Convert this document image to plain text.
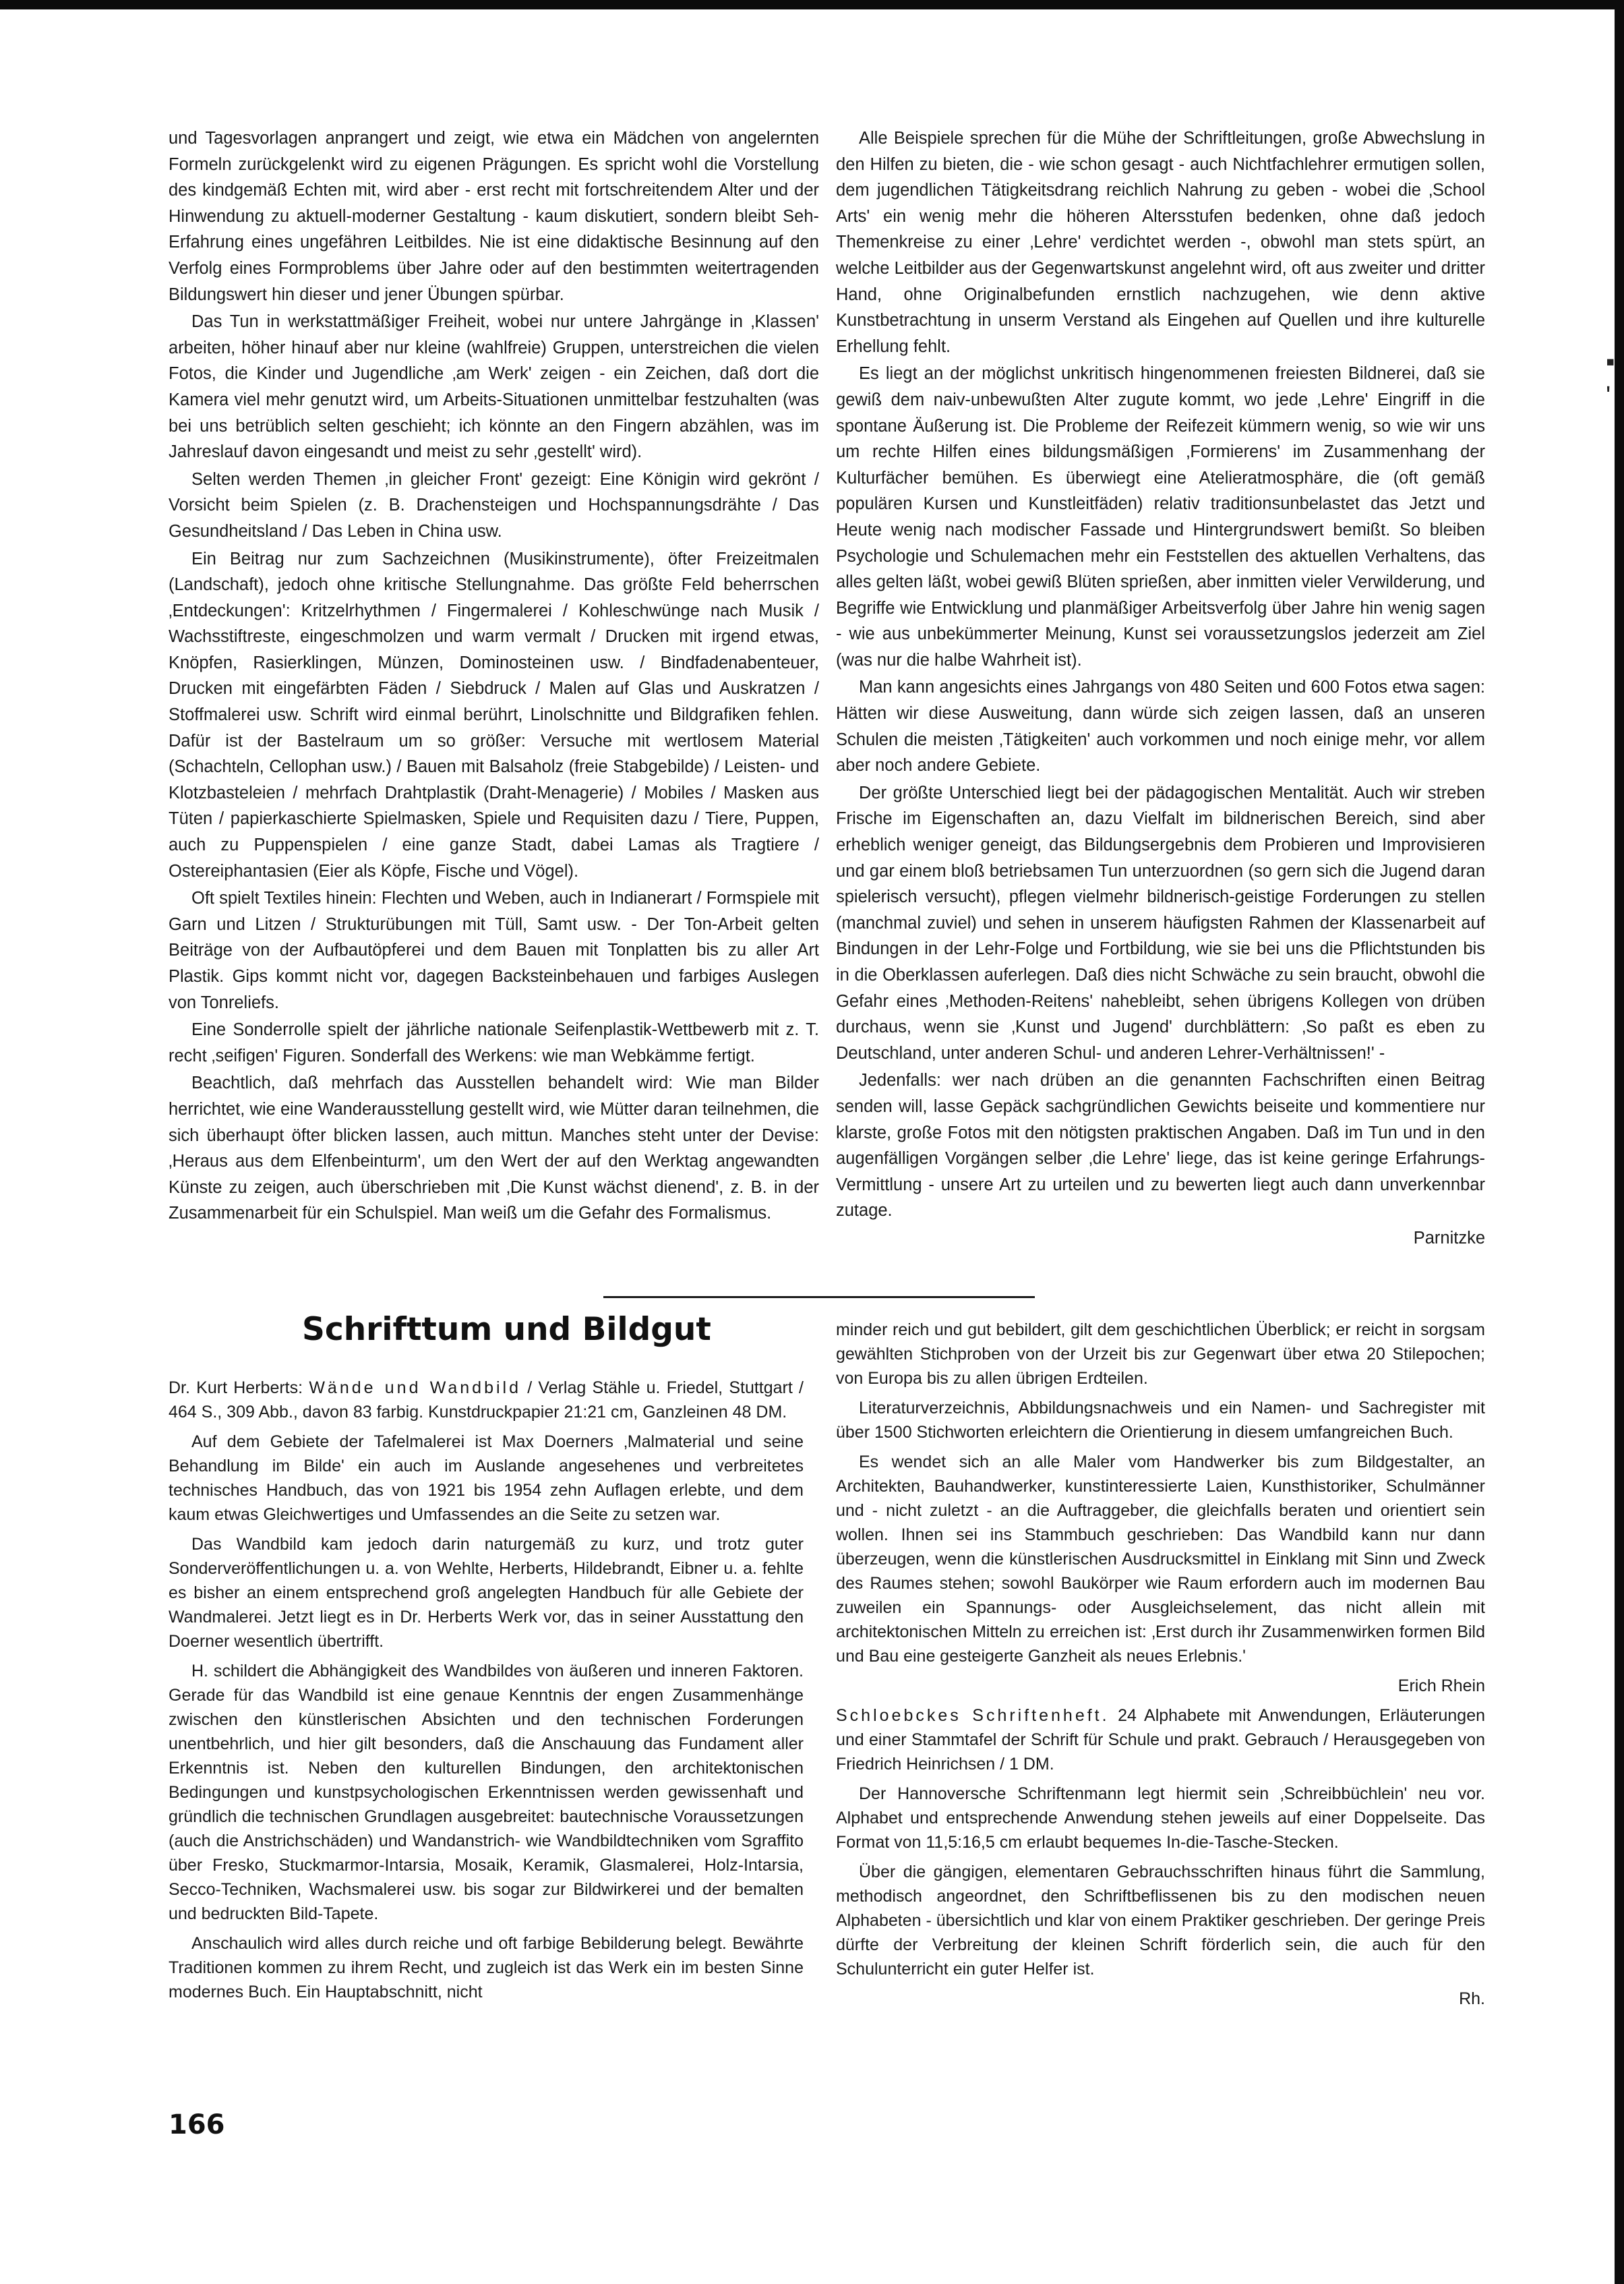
▪
'

und Tagesvorlagen anprangert und zeigt, wie etwa ein Mädchen von angelernten Formeln zurückgelenkt wird zu eigenen Prägungen. Es spricht wohl die Vorstellung des kindgemäß Echten mit, wird aber - erst recht mit fortschreitendem Alter und der Hinwendung zu aktuell-moderner Gestaltung - kaum diskutiert, sondern bleibt Seh-Erfahrung eines ungefähren Leitbildes. Nie ist eine didaktische Besinnung auf den Verfolg eines Formproblems über Jahre oder auf den bestimmten weitertragenden Bildungswert hin dieser und jener Übungen spürbar.

Das Tun in werkstattmäßiger Freiheit, wobei nur untere Jahrgänge in ‚Klassen' arbeiten, höher hinauf aber nur kleine (wahlfreie) Gruppen, unterstreichen die vielen Fotos, die Kinder und Jugendliche ‚am Werk' zeigen - ein Zeichen, daß dort die Kamera viel mehr genutzt wird, um Arbeits-Situationen unmittelbar festzuhalten (was bei uns betrüblich selten geschieht; ich könnte an den Fingern abzählen, was im Jahreslauf davon eingesandt und meist zu sehr ‚gestellt' wird).

Selten werden Themen ‚in gleicher Front' gezeigt: Eine Königin wird gekrönt / Vorsicht beim Spielen (z. B. Drachensteigen und Hochspannungsdrähte / Das Gesundheitsland / Das Leben in China usw.

Ein Beitrag nur zum Sachzeichnen (Musikinstrumente), öfter Freizeitmalen (Landschaft), jedoch ohne kritische Stellungnahme. Das größte Feld beherrschen ‚Entdeckungen': Kritzelrhythmen / Fingermalerei / Kohleschwünge nach Musik / Wachsstiftreste, eingeschmolzen und warm vermalt / Drucken mit irgend etwas, Knöpfen, Rasierklingen, Münzen, Dominosteinen usw. / Bindfadenabenteuer, Drucken mit eingefärbten Fäden / Siebdruck / Malen auf Glas und Auskratzen / Stoffmalerei usw. Schrift wird einmal berührt, Linolschnitte und Bildgrafiken fehlen. Dafür ist der Bastelraum um so größer: Versuche mit wertlosem Material (Schachteln, Cellophan usw.) / Bauen mit Balsaholz (freie Stabgebilde) / Leisten- und Klotzbasteleien / mehrfach Drahtplastik (Draht-Menagerie) / Mobiles / Masken aus Tüten / papierkaschierte Spielmasken, Spiele und Requisiten dazu / Tiere, Puppen, auch zu Puppenspielen / eine ganze Stadt, dabei Lamas als Tragtiere / Ostereiphantasien (Eier als Köpfe, Fische und Vögel).

Oft spielt Textiles hinein: Flechten und Weben, auch in Indianerart / Formspiele mit Garn und Litzen / Strukturübungen mit Tüll, Samt usw. - Der Ton-Arbeit gelten Beiträge von der Aufbautöpferei und dem Bauen mit Tonplatten bis zu aller Art Plastik. Gips kommt nicht vor, dagegen Backsteinbehauen und farbiges Auslegen von Tonreliefs.

Eine Sonderrolle spielt der jährliche nationale Seifenplastik-Wettbewerb mit z. T. recht ‚seifigen' Figuren. Sonderfall des Werkens: wie man Webkämme fertigt.

Beachtlich, daß mehrfach das Ausstellen behandelt wird: Wie man Bilder herrichtet, wie eine Wanderausstellung gestellt wird, wie Mütter daran teilnehmen, die sich überhaupt öfter blicken lassen, auch mittun. Manches steht unter der Devise: ‚Heraus aus dem Elfenbeinturm', um den Wert der auf den Werktag angewandten Künste zu zeigen, auch überschrieben mit ‚Die Kunst wächst dienend', z. B. in der Zusammenarbeit für ein Schulspiel. Man weiß um die Gefahr des Formalismus.

Alle Beispiele sprechen für die Mühe der Schriftleitungen, große Abwechslung in den Hilfen zu bieten, die - wie schon gesagt - auch Nichtfachlehrer ermutigen sollen, dem jugendlichen Tätigkeitsdrang reichlich Nahrung zu geben - wobei die ‚School Arts' ein wenig mehr die höheren Altersstufen bedenken, ohne daß jedoch Themenkreise zu einer ‚Lehre' verdichtet werden -, obwohl man stets spürt, an welche Leitbilder aus der Gegenwartskunst angelehnt wird, oft aus zweiter und dritter Hand, ohne Originalbefunden ernstlich nachzugehen, wie denn aktive Kunstbetrachtung in unserm Verstand als Eingehen auf Quellen und ihre kulturelle Erhellung fehlt.

Es liegt an der möglichst unkritisch hingenommenen freiesten Bildnerei, daß sie gewiß dem naiv-unbewußten Alter zugute kommt, wo jede ‚Lehre' Eingriff in die spontane Äußerung ist. Die Probleme der Reifezeit kümmern wenig, so wie wir uns um rechte Hilfen eines bildungsmäßigen ‚Formierens' im Zusammenhang der Kulturfächer bemühen. Es überwiegt eine Atelieratmosphäre, die (oft gemäß populären Kursen und Kunstleitfäden) relativ traditionsunbelastet das Jetzt und Heute wenig nach modischer Fassade und Hintergrundswert bemißt. So bleiben Psychologie und Schulemachen mehr ein Feststellen des aktuellen Verhaltens, das alles gelten läßt, wobei gewiß Blüten sprießen, aber inmitten vieler Verwilderung, und Begriffe wie Entwicklung und planmäßiger Arbeitsverfolg über Jahre hin wenig sagen - wie aus unbekümmerter Meinung, Kunst sei voraussetzungslos jederzeit am Ziel (was nur die halbe Wahrheit ist).

Man kann angesichts eines Jahrgangs von 480 Seiten und 600 Fotos etwa sagen: Hätten wir diese Ausweitung, dann würde sich zeigen lassen, daß an unseren Schulen die meisten ‚Tätigkeiten' auch vorkommen und noch einige mehr, vor allem aber noch andere Gebiete.

Der größte Unterschied liegt bei der pädagogischen Mentalität. Auch wir streben Frische im Eigenschaften an, dazu Vielfalt im bildnerischen Bereich, sind aber erheblich weniger geneigt, das Bildungsergebnis dem Probieren und Improvisieren und gar einem bloß betriebsamen Tun unterzuordnen (so gern sich die Jugend daran spielerisch versucht), pflegen vielmehr bildnerisch-geistige Forderungen zu stellen (manchmal zuviel) und sehen in unserem häufigsten Rahmen der Klassenarbeit auf Bindungen in der Lehr-Folge und Fortbildung, wie sie bei uns die Pflichtstunden bis in die Oberklassen auferlegen. Daß dies nicht Schwäche zu sein braucht, obwohl die Gefahr eines ‚Methoden-Reitens' nahebleibt, sehen übrigens Kollegen von drüben durchaus, wenn sie ‚Kunst und Jugend' durchblättern: ‚So paßt es eben zu Deutschland, unter anderen Schul- und anderen Lehrer-Verhältnissen!' -

Jedenfalls: wer nach drüben an die genannten Fachschriften einen Beitrag senden will, lasse Gepäck sachgründlichen Gewichts beiseite und kommentiere nur klarste, große Fotos mit den nötigsten praktischen Angaben. Daß im Tun und in den augenfälligen Vorgängen selber ‚die Lehre' liege, das ist keine geringe Erfahrungs-Vermittlung - unsere Art zu urteilen und zu bewerten liegt auch dann unverkennbar zutage.

Parnitzke

Schrifttum und Bildgut

Dr. Kurt Herberts: Wände und Wandbild / Verlag Stähle u. Friedel, Stuttgart / 464 S., 309 Abb., davon 83 farbig. Kunstdruckpapier 21:21 cm, Ganzleinen 48 DM.

Auf dem Gebiete der Tafelmalerei ist Max Doerners ‚Malmaterial und seine Behandlung im Bilde' ein auch im Auslande angesehenes und verbreitetes technisches Handbuch, das von 1921 bis 1954 zehn Auflagen erlebte, und dem kaum etwas Gleichwertiges und Umfassendes an die Seite zu setzen war.

Das Wandbild kam jedoch darin naturgemäß zu kurz, und trotz guter Sonderveröffentlichungen u. a. von Wehlte, Herberts, Hildebrandt, Eibner u. a. fehlte es bisher an einem entsprechend groß angelegten Handbuch für alle Gebiete der Wandmalerei. Jetzt liegt es in Dr. Herberts Werk vor, das in seiner Ausstattung den Doerner wesentlich übertrifft.

H. schildert die Abhängigkeit des Wandbildes von äußeren und inneren Faktoren. Gerade für das Wandbild ist eine genaue Kenntnis der engen Zusammenhänge zwischen den künstlerischen Absichten und den technischen Forderungen unentbehrlich, und hier gilt besonders, daß die Anschauung das Fundament aller Erkenntnis ist. Neben den kulturellen Bindungen, den architektonischen Bedingungen und kunstpsychologischen Erkenntnissen werden gewissenhaft und gründlich die technischen Grundlagen ausgebreitet: bautechnische Voraussetzungen (auch die Anstrichschäden) und Wandanstrich- wie Wandbildtechniken vom Sgraffito über Fresko, Stuckmarmor-Intarsia, Mosaik, Keramik, Glasmalerei, Holz-Intarsia, Secco-Techniken, Wachsmalerei usw. bis sogar zur Bildwirkerei und der bemalten und bedruckten Bild-Tapete.

Anschaulich wird alles durch reiche und oft farbige Bebilderung belegt. Bewährte Traditionen kommen zu ihrem Recht, und zugleich ist das Werk ein im besten Sinne modernes Buch. Ein Hauptabschnitt, nicht

minder reich und gut bebildert, gilt dem geschichtlichen Überblick; er reicht in sorgsam gewählten Stichproben von der Urzeit bis zur Gegenwart über etwa 20 Stilepochen; von Europa bis zu allen übrigen Erdteilen.

Literaturverzeichnis, Abbildungsnachweis und ein Namen- und Sachregister mit über 1500 Stichworten erleichtern die Orientierung in diesem umfangreichen Buch.

Es wendet sich an alle Maler vom Handwerker bis zum Bildgestalter, an Architekten, Bauhandwerker, kunstinteressierte Laien, Kunsthistoriker, Schulmänner und - nicht zuletzt - an die Auftraggeber, die gleichfalls beraten und orientiert sein wollen. Ihnen sei ins Stammbuch geschrieben: Das Wandbild kann nur dann überzeugen, wenn die künstlerischen Ausdrucksmittel in Einklang mit Sinn und Zweck des Raumes stehen; sowohl Baukörper wie Raum erfordern auch im modernen Bau zuweilen ein Spannungs- oder Ausgleichselement, das nicht allein mit architektonischen Mitteln zu erreichen ist: ‚Erst durch ihr Zusammenwirken formen Bild und Bau eine gesteigerte Ganzheit als neues Erlebnis.'

Erich Rhein

Schloebckes Schriftenheft. 24 Alphabete mit Anwendungen, Erläuterungen und einer Stammtafel der Schrift für Schule und prakt. Gebrauch / Herausgegeben von Friedrich Heinrichsen / 1 DM.

Der Hannoversche Schriftenmann legt hiermit sein ‚Schreibbüchlein' neu vor. Alphabet und entsprechende Anwendung stehen jeweils auf einer Doppelseite. Das Format von 11,5:16,5 cm erlaubt bequemes In-die-Tasche-Stecken.

Über die gängigen, elementaren Gebrauchsschriften hinaus führt die Sammlung, methodisch angeordnet, den Schriftbeflissenen bis zu den modischen neuen Alphabeten - übersichtlich und klar von einem Praktiker geschrieben. Der geringe Preis dürfte der Verbreitung der kleinen Schrift förderlich sein, die auch für den Schulunterricht ein guter Helfer ist.

Rh.

166
